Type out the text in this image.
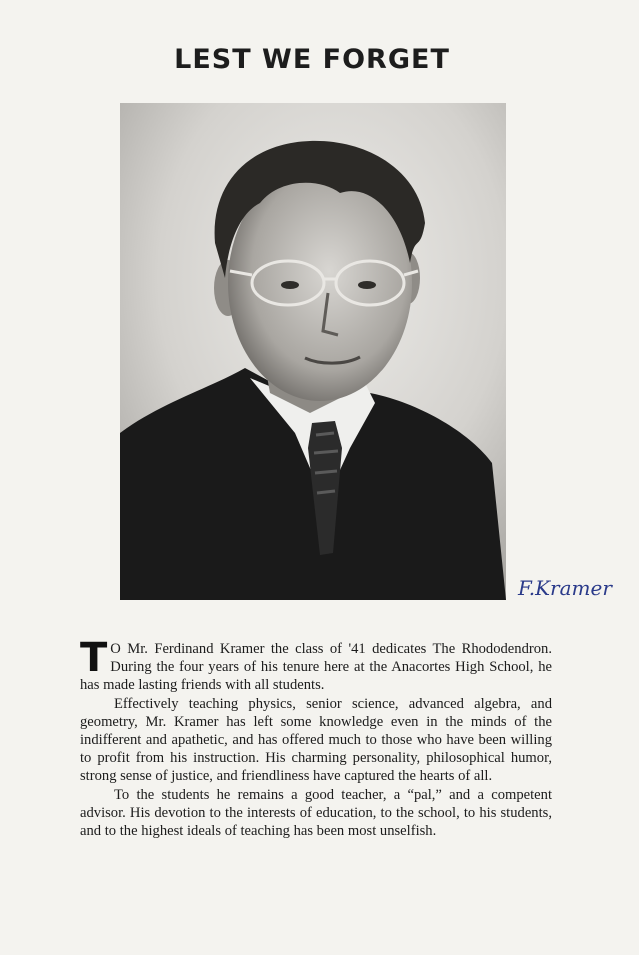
LEST WE FORGET
F.Kramer

T O Mr. Ferdinand Kramer the class of '41 dedicates The Rhododendron. During the four years of his tenure here at the Anacortes High School, he has made lasting friends with all students.

Effectively teaching physics, senior science, advanced algebra, and geometry, Mr. Kramer has left some knowledge even in the minds of the indifferent and apathetic, and has offered much to those who have been willing to profit from his instruction. His charming personality, philosophical humor, strong sense of justice, and friendliness have captured the hearts of all.

To the students he remains a good teacher, a “pal,” and a competent advisor. His devotion to the interests of education, to the school, to his students, and to the highest ideals of teaching has been most unselfish.
